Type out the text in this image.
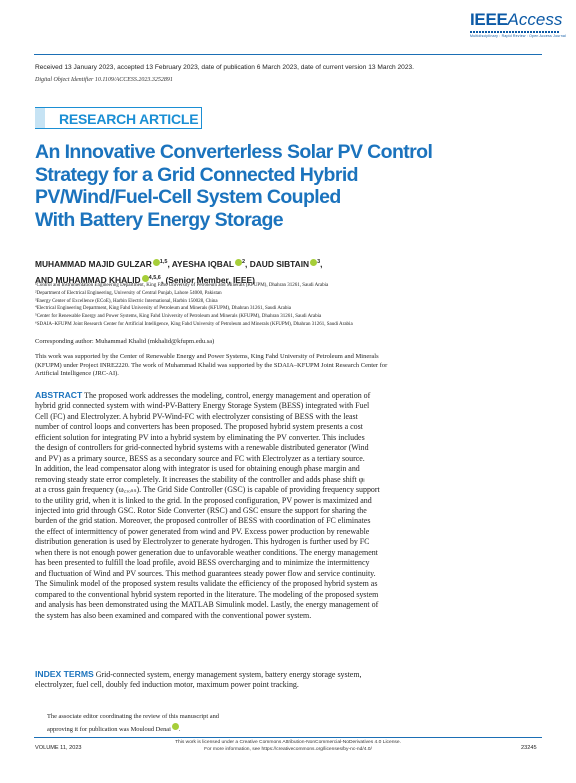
IEEEAccess
Multidisciplinary : Rapid Review : Open Access Journal
Received 13 January 2023, accepted 13 February 2023, date of publication 6 March 2023, date of current version 13 March 2023.
Digital Object Identifier 10.1109/ACCESS.2023.3252891
RESEARCH ARTICLE
An Innovative Converterless Solar PV Control
Strategy for a Grid Connected Hybrid
PV/Wind/Fuel-Cell System Coupled
With Battery Energy Storage
MUHAMMAD MAJID GULZAR $^{1,5}$, AYESHA IQBAL $^2$, DAUD SIBTAIN $^3$,
AND MUHAMMAD KHALID $^{4,5,6}$, (Senior Member, IEEE)
¹Control and Instrumentation Engineering Department, King Fahd University of Petroleum and Minerals (KFUPM), Dhahran 31261, Saudi Arabia
²Department of Electrical Engineering, University of Central Punjab, Lahore 54000, Pakistan
³Energy Center of Excellence (ECoE), Harbin Electric International, Harbin 150028, China
⁴Electrical Engineering Department, King Fahd University of Petroleum and Minerals (KFUPM), Dhahran 31261, Saudi Arabia
⁵Center for Renewable Energy and Power Systems, King Fahd University of Petroleum and Minerals (KFUPM), Dhahran 31261, Saudi Arabia
⁶SDAIA–KFUPM Joint Research Center for Artificial Intelligence, King Fahd University of Petroleum and Minerals (KFUPM), Dhahran 31261, Saudi Arabia
Corresponding author: Muhammad Khalid (mkhalid@kfupm.edu.sa)
This work was supported by the Center of Renewable Energy and Power Systems, King Fahd University of Petroleum and Minerals
(KFUPM) under Project INRE2220. The work of Muhammad Khalid was supported by the SDAIA–KFUPM Joint Research Center for
Artificial Intelligence (JRC-AI).
ABSTRACT The proposed work addresses the modeling, control, energy management and operation of
hybrid grid connected system with wind-PV-Battery Energy Storage System (BESS) integrated with Fuel
Cell (FC) and Electrolyzer. A hybrid PV-Wind-FC with electrolyzer consisting of BESS with the least
number of control loops and converters has been proposed. The proposed hybrid system presents a cost
efficient solution for integrating PV into a hybrid system by eliminating the PV converter. This includes
the design of controllers for grid-connected hybrid systems with a renewable distributed generator (Wind
and PV) as a primary source, BESS as a secondary source and FC with Electrolyzer as a tertiary source.
In addition, the lead compensator along with integrator is used for obtaining enough phase margin and
removing steady state error completely. It increases the stability of the controller and adds phase shift φₗ
at a cross gain frequency (ω꜀ᵣₒₛₛ). The Grid Side Controller (GSC) is capable of providing frequency support
to the utility grid, when it is linked to the grid. In the proposed configuration, PV power is maximized and
injected into grid through GSC. Rotor Side Converter (RSC) and GSC ensure the support for sharing the
burden of the grid station. Moreover, the proposed controller of BESS with coordination of FC eliminates
the effect of intermittency of power generated from wind and PV. Excess power production by renewable
distribution generation is used by Electrolyzer to generate hydrogen. This hydrogen is further used by FC
when there is not enough power generation due to unfavorable weather conditions. The energy management
has been presented to fulfill the load profile, avoid BESS overcharging and to minimize the intermittency
and fluctuation of Wind and PV sources. This method guarantees steady power flow and service continuity.
The Simulink model of the proposed system results validate the efficiency of the proposed hybrid system as
compared to the conventional hybrid system reported in the literature. The modeling of the proposed system
and analysis has been demonstrated using the MATLAB Simulink model. Lastly, the energy management of
the system has also been examined and compared with the conventional power system.
INDEX TERMS Grid-connected system, energy management system, battery energy storage system,
electrolyzer, fuel cell, doubly fed induction motor, maximum power point tracking.
The associate editor coordinating the review of this manuscript and
approving it for publication was Mouloud Denai .
This work is licensed under a Creative Commons Attribution-NonCommercial-NoDerivatives 4.0 License.
For more information, see https://creativecommons.org/licenses/by-nc-nd/4.0/
VOLUME 11, 2023	23245
